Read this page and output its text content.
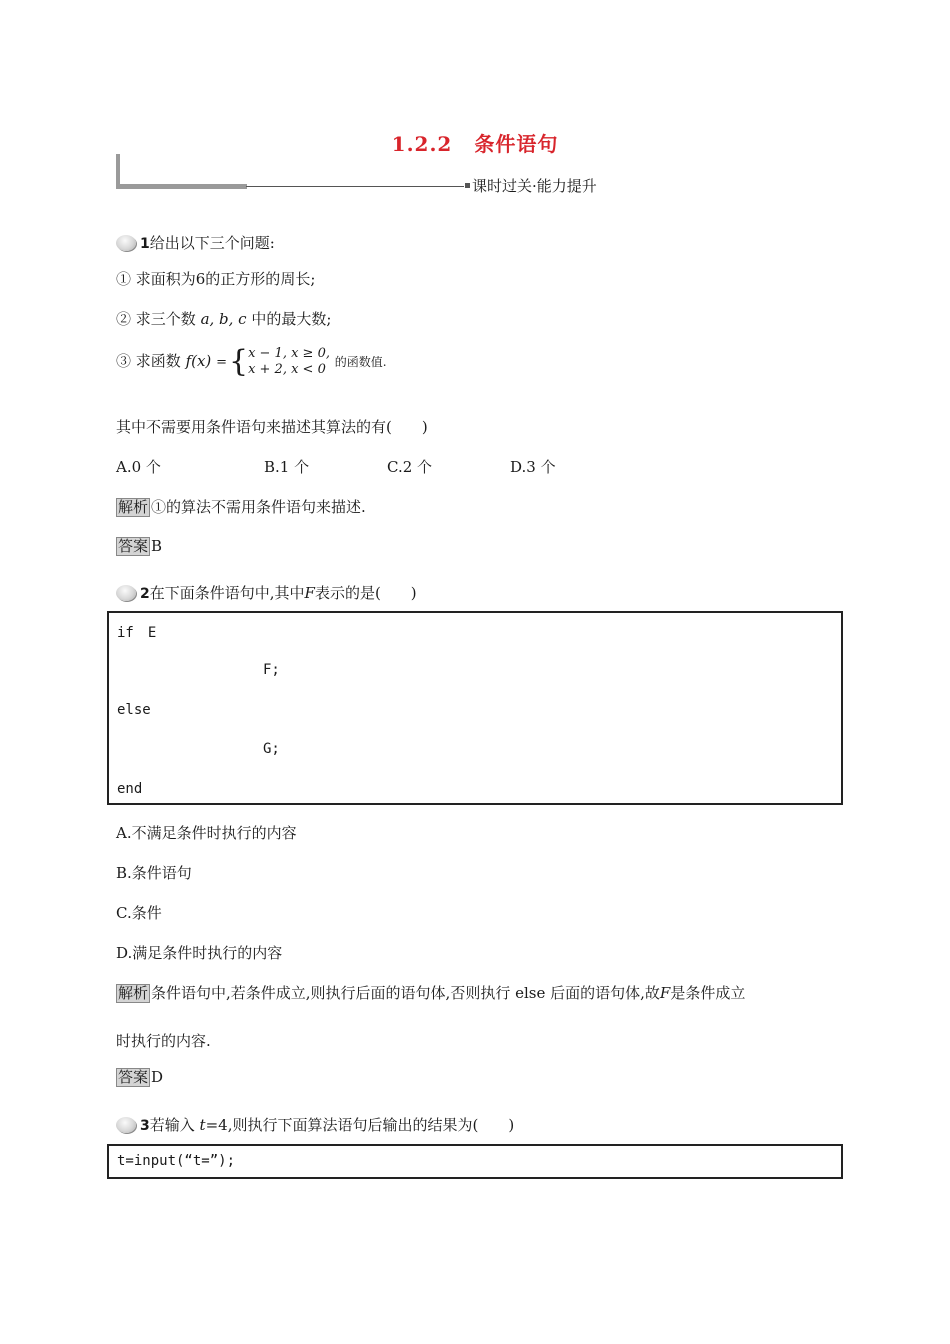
1.2.2 条件语句
课时过关·能力提升
1给出以下三个问题:
① 求面积为6的正方形的周长;
② 求三个数 a, b, c 中的最大数;
③ 求函数 f(x) ={ x − 1, x ≥ 0,
x + 2, x < 0 的函数值.
其中不需要用条件语句来描述其算法的有(　　)
A.0 个	B.1 个	C.2 个	D.3 个
解析 ①的算法不需用条件语句来描述.
答案 B
2在下面条件语句中,其中F表示的是(　　)
if　E
F;
else
G;
end
A.不满足条件时执行的内容
B.条件语句
C.条件
D.满足条件时执行的内容
解析 条件语句中,若条件成立,则执行后面的语句体,否则执行 else 后面的语句体,故F是条件成立
时执行的内容.
答案 D
3若输入 t=4,则执行下面算法语句后输出的结果为(　　)
t=input(“t=”);
